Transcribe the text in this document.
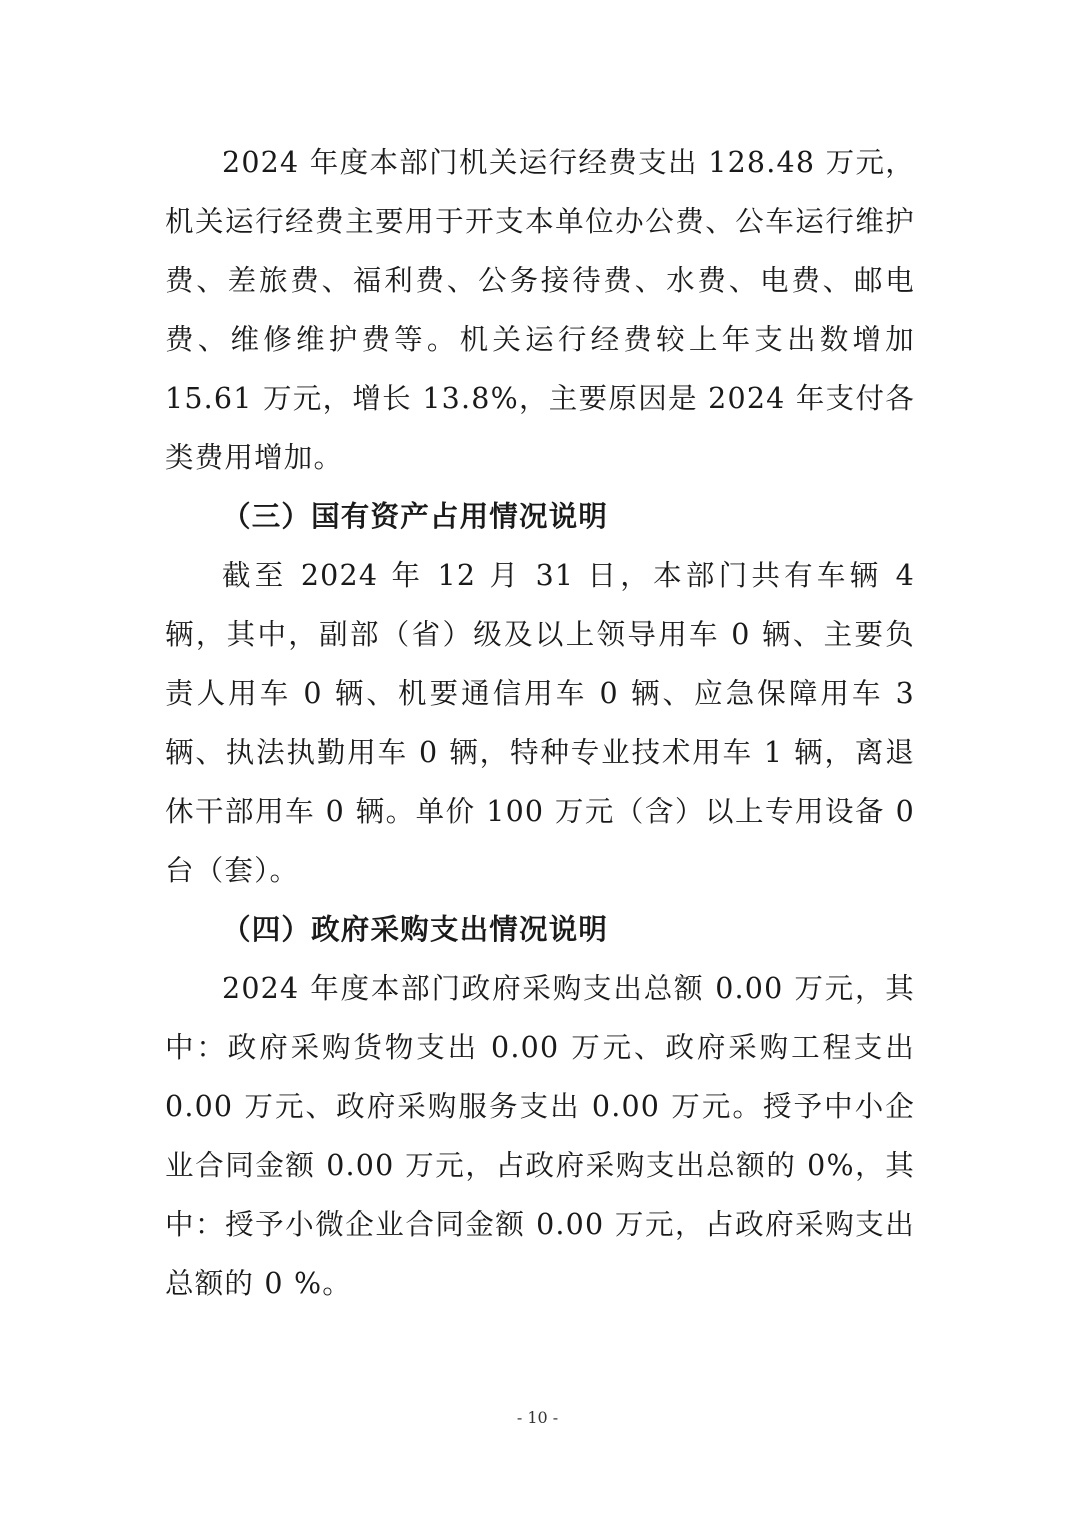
2024 年度本部门机关运行经费支出 128.48 万元，机关运行经费主要用于开支本单位办公费、公车运行维护费、差旅费、福利费、公务接待费、水费、电费、邮电费、维修维护费等。机关运行经费较上年支出数增加 15.61 万元，增长 13.8%，主要原因是 2024 年支付各类费用增加。

（三）国有资产占用情况说明

截至 2024 年 12 月 31 日，本部门共有车辆 4 辆，其中，副部（省）级及以上领导用车 0 辆、主要负责人用车 0 辆、机要通信用车 0 辆、应急保障用车 3 辆、执法执勤用车 0 辆，特种专业技术用车 1 辆，离退休干部用车 0 辆。单价 100 万元（含）以上专用设备 0 台（套）。

（四）政府采购支出情况说明

2024 年度本部门政府采购支出总额 0.00 万元，其中：政府采购货物支出 0.00 万元、政府采购工程支出 0.00 万元、政府采购服务支出 0.00 万元。授予中小企业合同金额 0.00 万元，占政府采购支出总额的 0%，其中：授予小微企业合同金额 0.00 万元，占政府采购支出总额的 0 %。

- 10 -
